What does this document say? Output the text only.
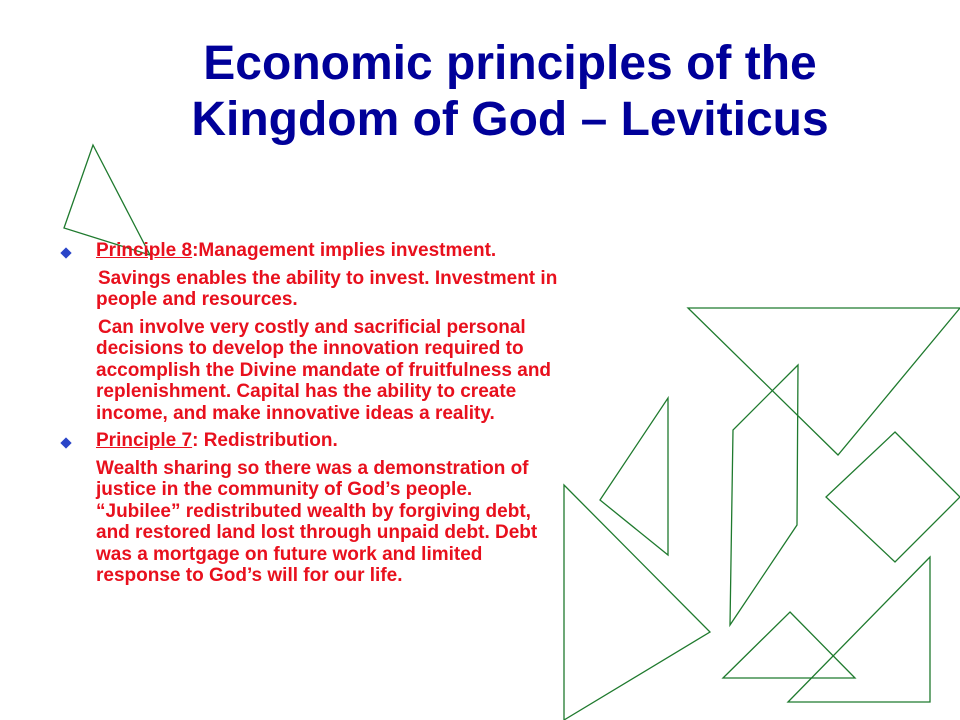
Economic principles of the
Kingdom of God – Leviticus
Principle 8:Management implies investment.
Savings enables the ability to invest. Investment in people and resources.
Can involve very costly and sacrificial personal decisions to develop the innovation required to accomplish the Divine mandate of fruitfulness and replenishment. Capital has the ability to create income, and make innovative ideas a reality.
Principle 7: Redistribution.
Wealth sharing so there was a demonstration of justice in the community of God’s people. “Jubilee” redistributed wealth by forgiving debt, and restored land lost through unpaid debt. Debt was a mortgage on future work and limited response to God’s will for our life.
